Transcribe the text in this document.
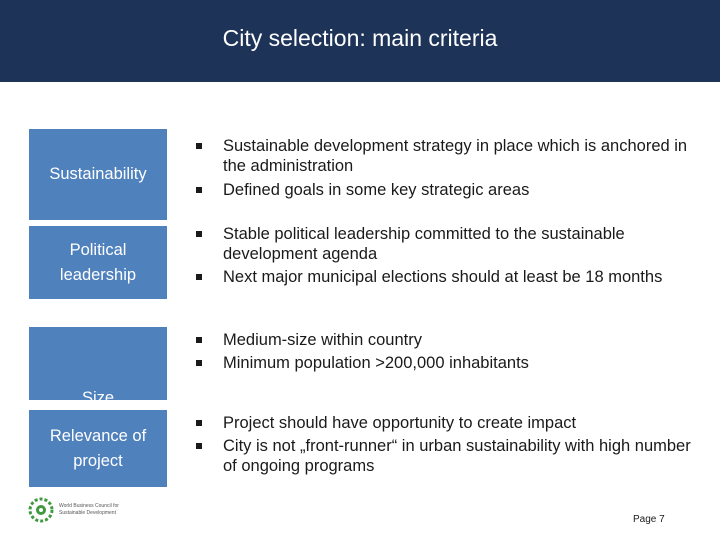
City selection: main criteria
Sustainability
Sustainable development strategy in place which is anchored in the administration
Defined goals in some key strategic areas
Political leadership
Stable political leadership committed to the sustainable development agenda
Next major municipal elections should at least be 18 months
Size
Medium-size within country
Minimum population >200,000 inhabitants
Relevance of project
Project should have opportunity to create impact
City is not „front-runner“ in urban sustainability with high number of ongoing programs
World Business Council for
Sustainable Development
Page 7
